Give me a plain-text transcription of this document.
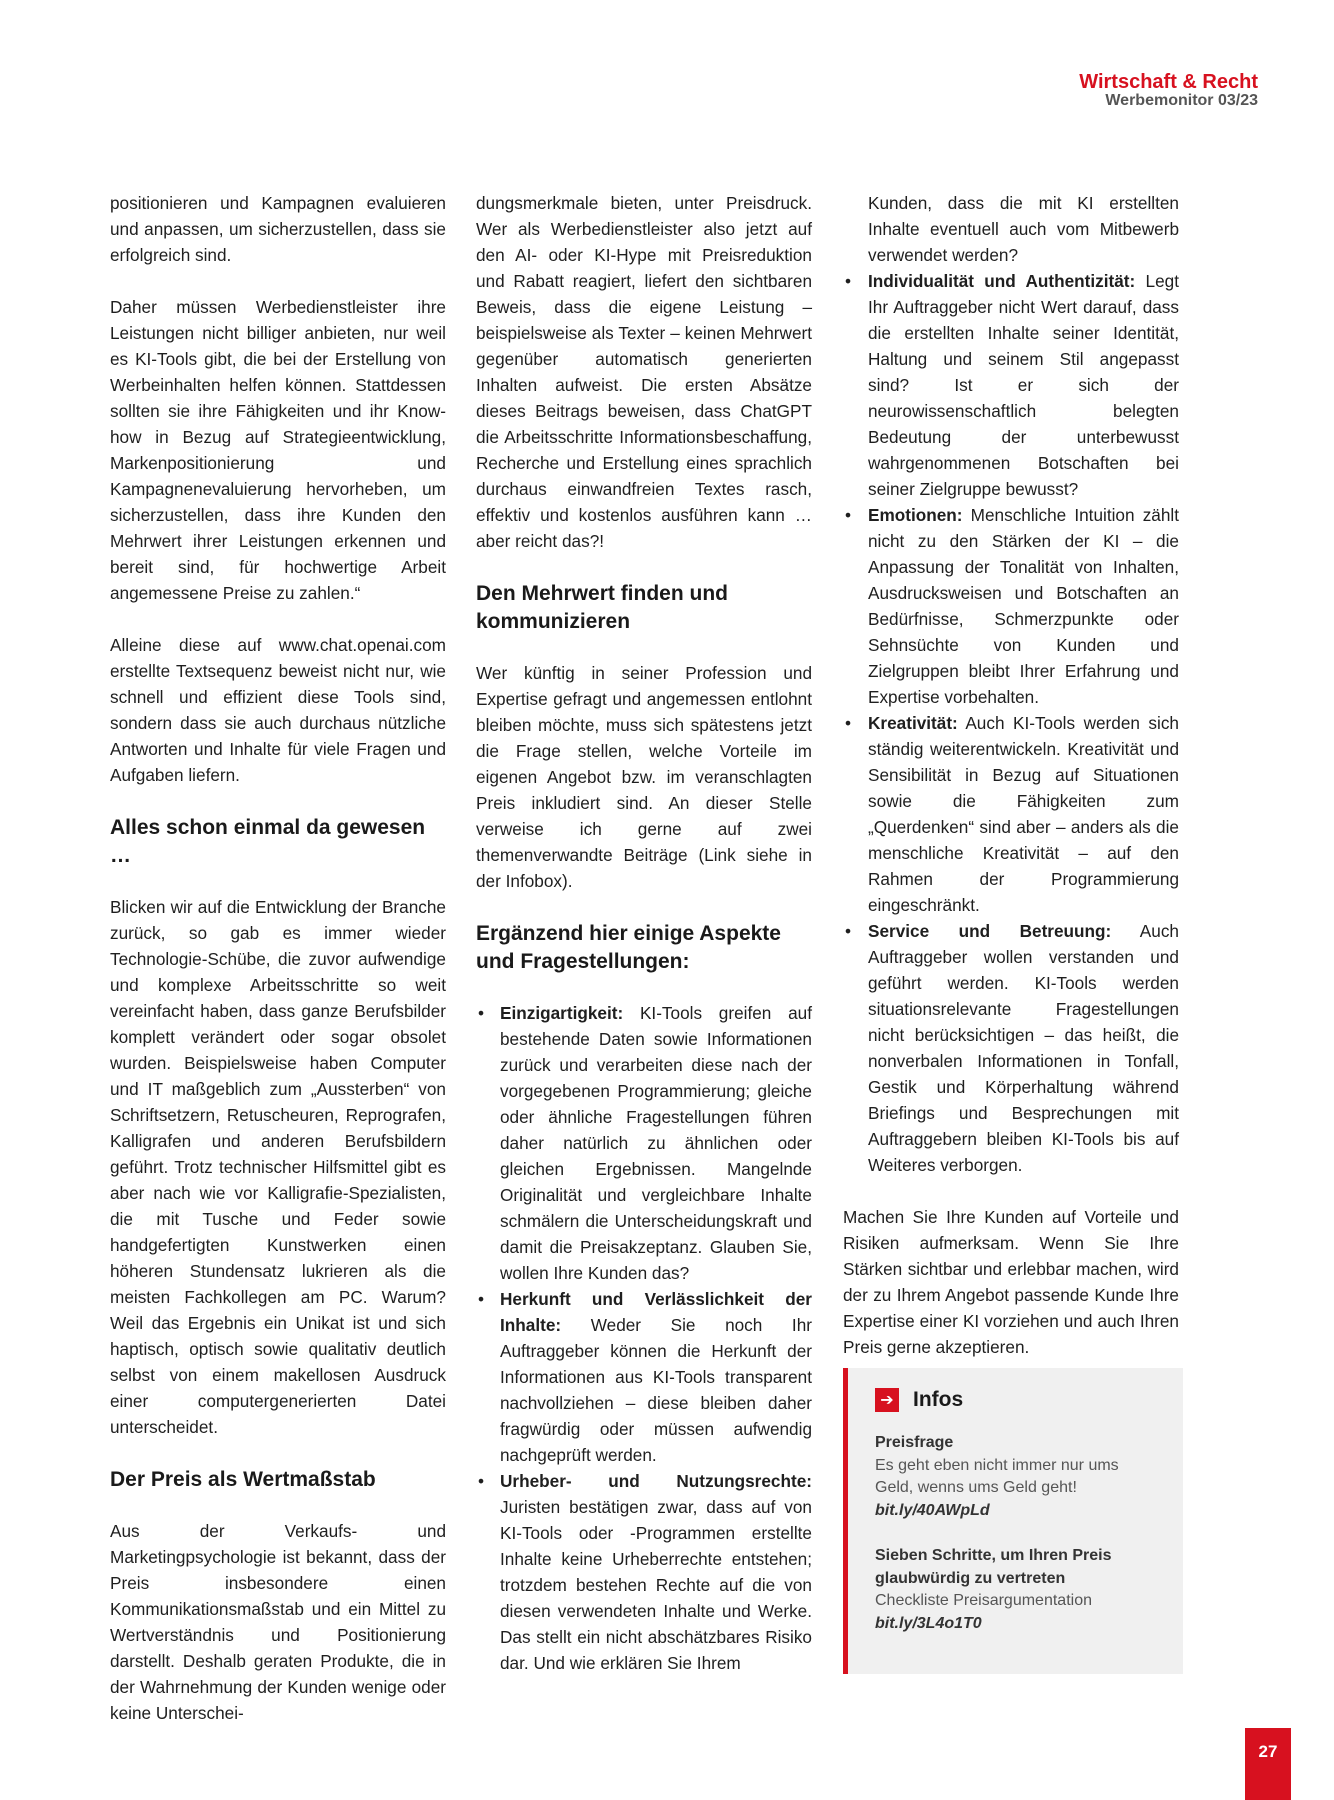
Wirtschaft & Recht
Werbemonitor 03/23

positionieren und Kampagnen evaluieren und anpassen, um sicherzustellen, dass sie erfolgreich sind.

Daher müssen Werbedienstleister ihre Leistungen nicht billiger anbieten, nur weil es KI-Tools gibt, die bei der Erstellung von Werbeinhalten helfen können. Stattdessen sollten sie ihre Fähigkeiten und ihr Know-how in Bezug auf Strategieentwicklung, Markenpositionierung und Kampagnenevaluierung hervorheben, um sicherzustellen, dass ihre Kunden den Mehrwert ihrer Leistungen erkennen und bereit sind, für hochwertige Arbeit angemessene Preise zu zahlen.“

Alleine diese auf www.chat.openai.com erstellte Textsequenz beweist nicht nur, wie schnell und effizient diese Tools sind, sondern dass sie auch durchaus nützliche Antworten und Inhalte für viele Fragen und Aufgaben liefern.

Alles schon einmal da gewesen …

Blicken wir auf die Entwicklung der Branche zurück, so gab es immer wieder Technologie-Schübe, die zuvor aufwendige und komplexe Arbeitsschritte so weit vereinfacht haben, dass ganze Berufsbilder komplett verändert oder sogar obsolet wurden. Beispielsweise haben Computer und IT maßgeblich zum „Aussterben“ von Schriftsetzern, Retuscheuren, Reprografen, Kalligrafen und anderen Berufsbildern geführt. Trotz technischer Hilfsmittel gibt es aber nach wie vor Kalligrafie-Spezialisten, die mit Tusche und Feder sowie handgefertigten Kunstwerken einen höheren Stundensatz lukrieren als die meisten Fachkollegen am PC. Warum? Weil das Ergebnis ein Unikat ist und sich haptisch, optisch sowie qualitativ deutlich selbst von einem makellosen Ausdruck einer computergenerierten Datei unterscheidet.

Der Preis als Wertmaßstab

Aus der Verkaufs- und Marketingpsychologie ist bekannt, dass der Preis insbesondere einen Kommunikationsmaßstab und ein Mittel zu Wertverständnis und Positionierung darstellt. Deshalb geraten Produkte, die in der Wahrnehmung der Kunden wenige oder keine Unterschei-

dungsmerkmale bieten, unter Preisdruck. Wer als Werbedienstleister also jetzt auf den AI- oder KI-Hype mit Preisreduktion und Rabatt reagiert, liefert den sichtbaren Beweis, dass die eigene Leistung – beispielsweise als Texter – keinen Mehrwert gegenüber automatisch generierten Inhalten aufweist. Die ersten Absätze dieses Beitrags beweisen, dass ChatGPT die Arbeitsschritte Informationsbeschaffung, Recherche und Erstellung eines sprachlich durchaus einwandfreien Textes rasch, effektiv und kostenlos ausführen kann … aber reicht das?!

Den Mehrwert finden und kommunizieren

Wer künftig in seiner Profession und Expertise gefragt und angemessen entlohnt bleiben möchte, muss sich spätestens jetzt die Frage stellen, welche Vorteile im eigenen Angebot bzw. im veranschlagten Preis inkludiert sind. An dieser Stelle verweise ich gerne auf zwei themenverwandte Beiträge (Link siehe in der Infobox).

Ergänzend hier einige Aspekte und Fragestellungen:
• Einzigartigkeit: KI-Tools greifen auf bestehende Daten sowie Informationen zurück und verarbeiten diese nach der vorgegebenen Programmierung; gleiche oder ähnliche Fragestellungen führen daher natürlich zu ähnlichen oder gleichen Ergebnissen. Mangelnde Originalität und vergleichbare Inhalte schmälern die Unterscheidungskraft und damit die Preisakzeptanz. Glauben Sie, wollen Ihre Kunden das?
• Herkunft und Verlässlichkeit der Inhalte: Weder Sie noch Ihr Auftraggeber können die Herkunft der Informationen aus KI-Tools transparent nachvollziehen – diese bleiben daher fragwürdig oder müssen aufwendig nachgeprüft werden.
• Urheber- und Nutzungsrechte: Juristen bestätigen zwar, dass auf von KI-Tools oder -Programmen erstellte Inhalte keine Urheberrechte entstehen; trotzdem bestehen Rechte auf die von diesen verwendeten Inhalte und Werke. Das stellt ein nicht abschätzbares Risiko dar. Und wie erklären Sie Ihrem

Kunden, dass die mit KI erstellten Inhalte eventuell auch vom Mitbewerb verwendet werden?

• Individualität und Authentizität: Legt Ihr Auftraggeber nicht Wert darauf, dass die erstellten Inhalte seiner Identität, Haltung und seinem Stil angepasst sind? Ist er sich der neurowissenschaftlich belegten Bedeutung der unterbewusst wahrgenommenen Botschaften bei seiner Zielgruppe bewusst?
• Emotionen: Menschliche Intuition zählt nicht zu den Stärken der KI – die Anpassung der Tonalität von Inhalten, Ausdrucksweisen und Botschaften an Bedürfnisse, Schmerzpunkte oder Sehnsüchte von Kunden und Zielgruppen bleibt Ihrer Erfahrung und Expertise vorbehalten.
• Kreativität: Auch KI-Tools werden sich ständig weiterentwickeln. Kreativität und Sensibilität in Bezug auf Situationen sowie die Fähigkeiten zum „Querdenken“ sind aber – anders als die menschliche Kreativität – auf den Rahmen der Programmierung eingeschränkt.
• Service und Betreuung: Auch Auftraggeber wollen verstanden und geführt werden. KI-Tools werden situationsrelevante Fragestellungen nicht berücksichtigen – das heißt, die nonverbalen Informationen in Tonfall, Gestik und Körperhaltung während Briefings und Besprechungen mit Auftraggebern bleiben KI-Tools bis auf Weiteres verborgen.

Machen Sie Ihre Kunden auf Vorteile und Risiken aufmerksam. Wenn Sie Ihre Stärken sichtbar und erlebbar machen, wird der zu Ihrem Angebot passende Kunde Ihre Expertise einer KI vorziehen und auch Ihren Preis gerne akzeptieren.

➔ Infos
Preisfrage
Es geht eben nicht immer nur ums Geld, wenns ums Geld geht!
bit.ly/40AWpLd
Sieben Schritte, um Ihren Preis glaubwürdig zu vertreten
Checkliste Preisargumentation
bit.ly/3L4o1T0
27
